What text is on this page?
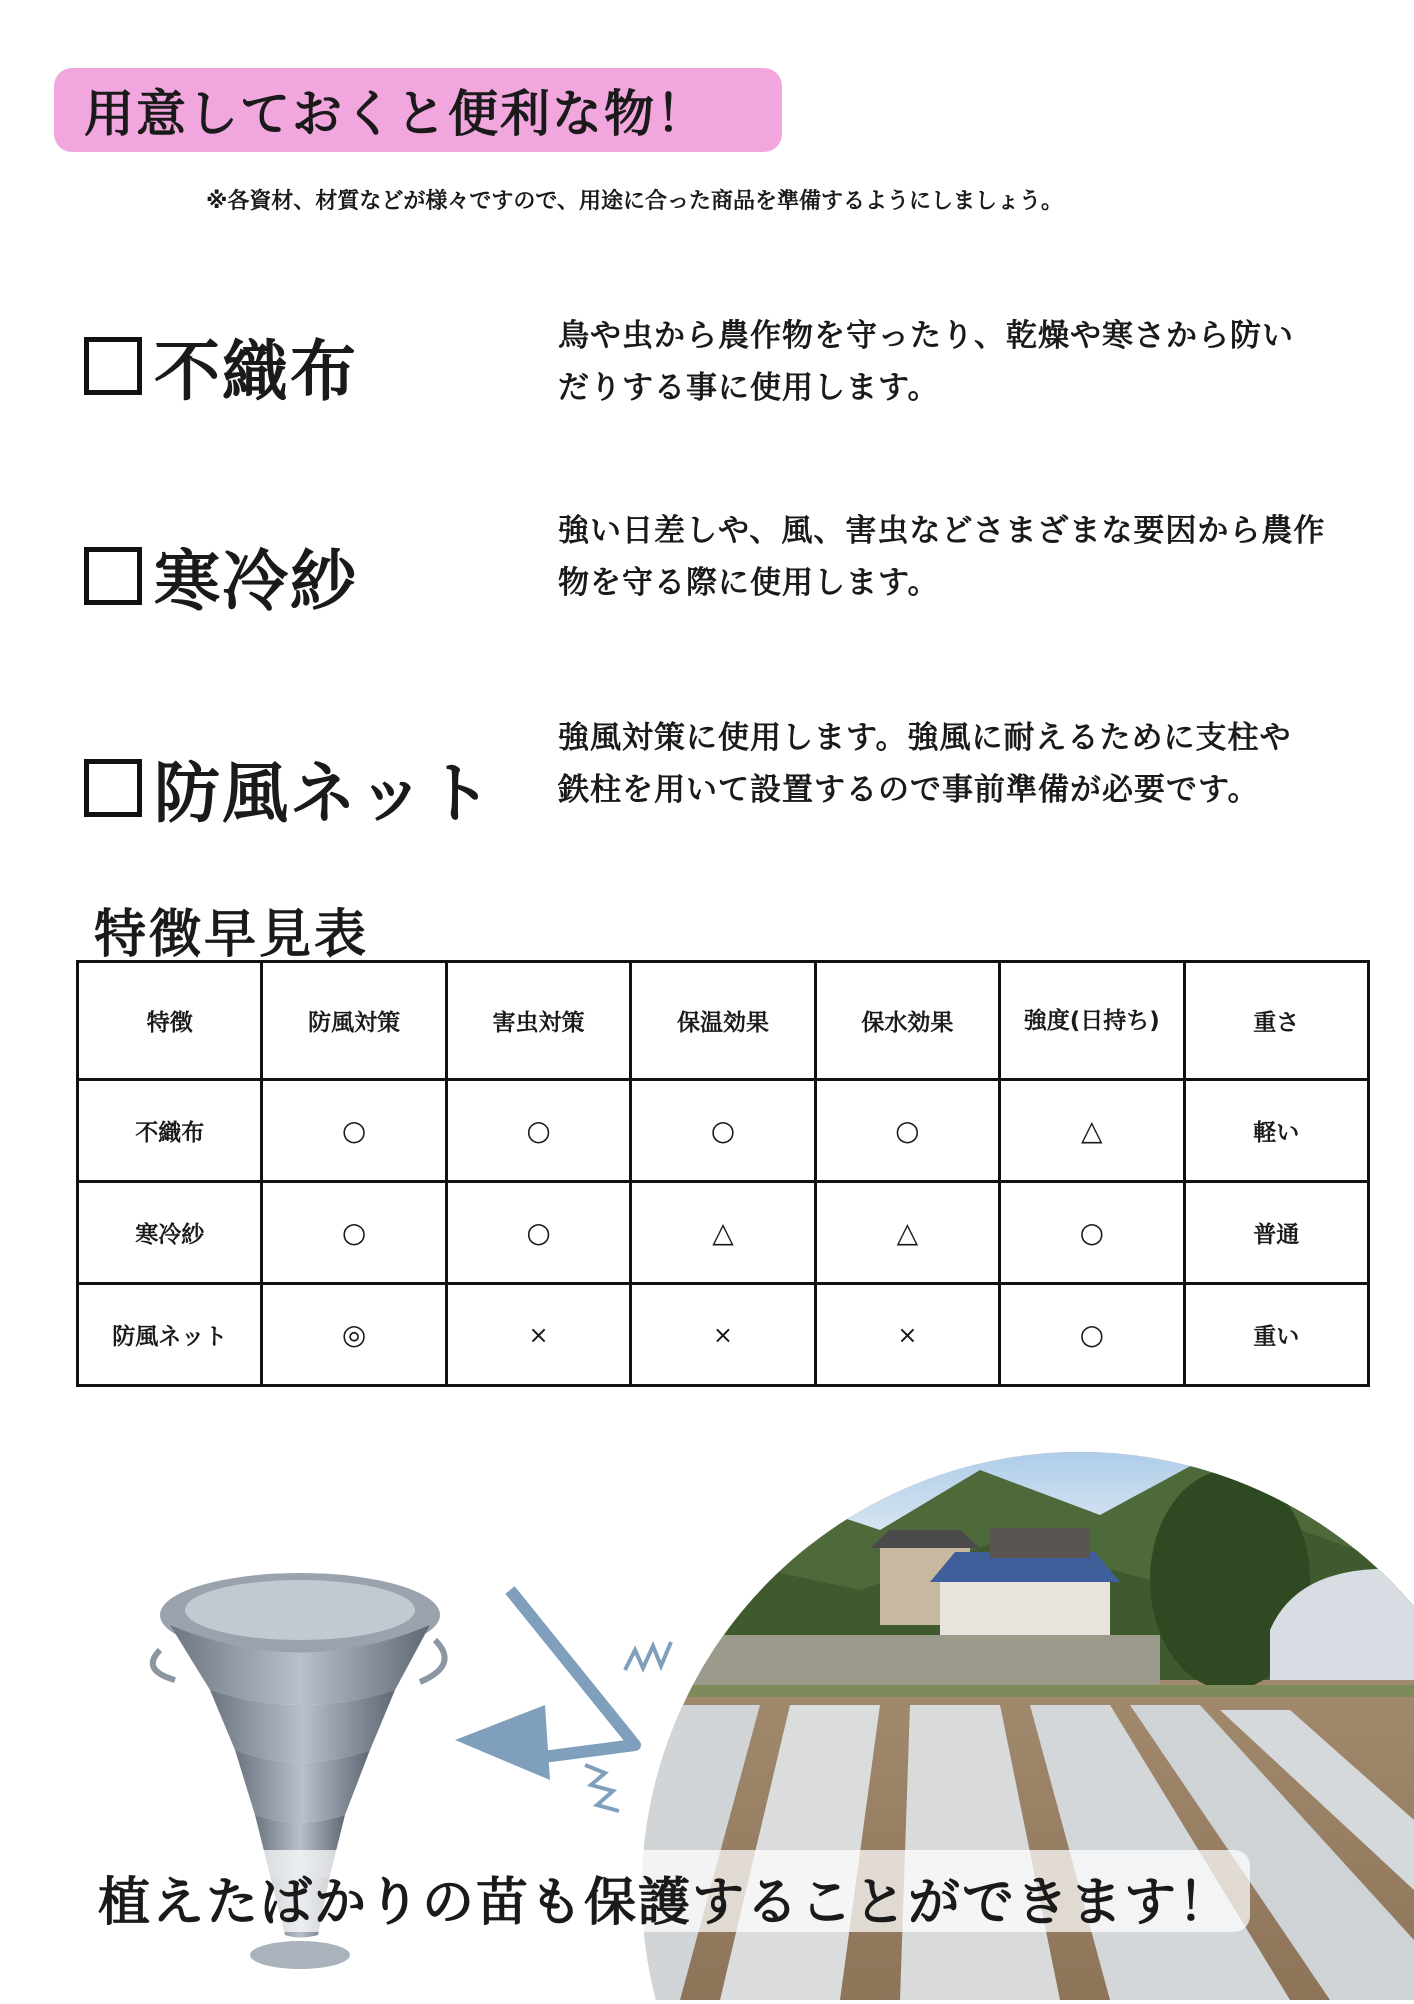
用意しておくと便利な物！
※各資材、材質などが様々ですので、用途に合った商品を準備するようにしましょう。
不織布	鳥や虫から農作物を守ったり、乾燥や寒さから防い
だりする事に使用します。
寒冷紗
強い日差しや、風、害虫などさまざまな要因から農作
物を守る際に使用します。
防風ネット
強風対策に使用します。強風に耐えるために支柱や
鉄柱を用いて設置するので事前準備が必要です。
特徴早見表
特徴	防風対策	害虫対策	保温効果	保水効果	強度(日持ち)	重さ
不織布	○	○	○	○	△	軽い
寒冷紗	○	○	△	△	○	普通
防風ネット	◎	×	×	×	○	重い
植えたばかりの苗も保護することができます！
